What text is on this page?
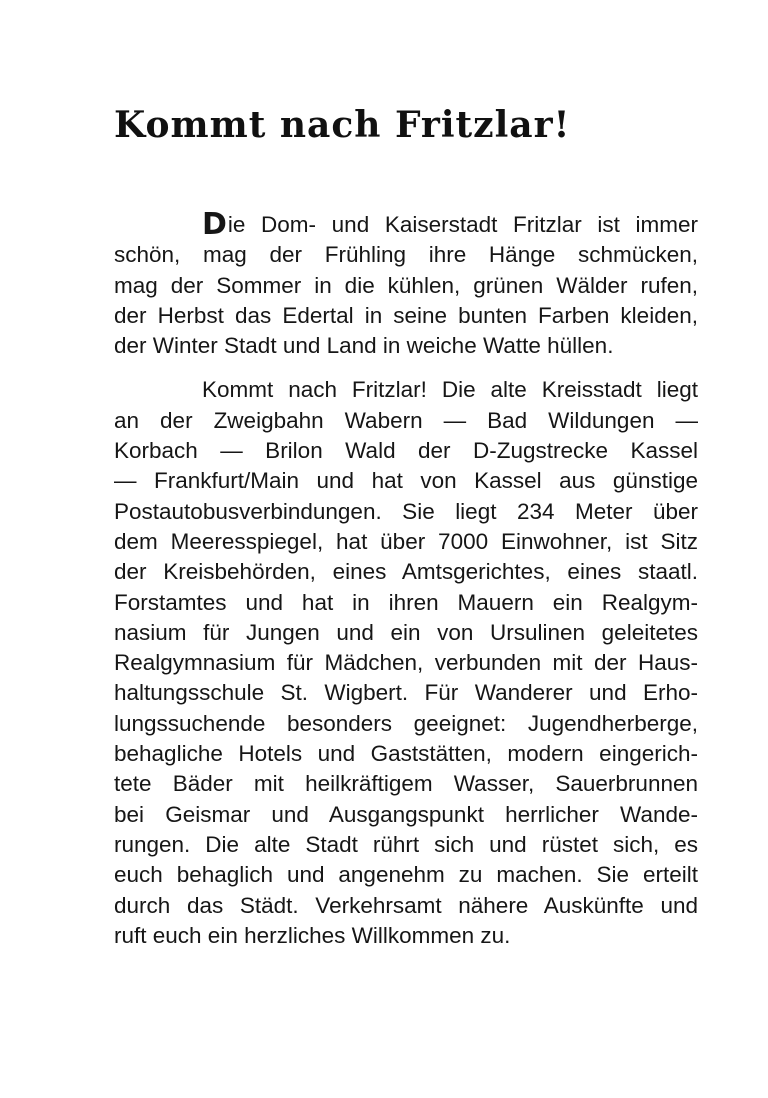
Kommt nach Fritzlar!
Die Dom- und Kaiserstadt Fritzlar ist immer
schön, mag der Frühling ihre Hänge schmücken,
mag der Sommer in die kühlen, grünen Wälder rufen,
der Herbst das Edertal in seine bunten Farben kleiden,
der Winter Stadt und Land in weiche Watte hüllen.
Kommt nach Fritzlar! Die alte Kreisstadt liegt
an der Zweigbahn Wabern — Bad Wildungen —
Korbach — Brilon Wald der D-Zugstrecke Kassel
— Frankfurt/Main und hat von Kassel aus günstige
Postautobusverbindungen. Sie liegt 234 Meter über
dem Meeresspiegel, hat über 7000 Einwohner, ist Sitz
der Kreisbehörden, eines Amtsgerichtes, eines staatl.
Forstamtes und hat in ihren Mauern ein Realgym-
nasium für Jungen und ein von Ursulinen geleitetes
Realgymnasium für Mädchen, verbunden mit der Haus-
haltungsschule St. Wigbert. Für Wanderer und Erho-
lungssuchende besonders geeignet: Jugendherberge,
behagliche Hotels und Gaststätten, modern eingerich-
tete Bäder mit heilkräftigem Wasser, Sauerbrunnen
bei Geismar und Ausgangspunkt herrlicher Wande-
rungen. Die alte Stadt rührt sich und rüstet sich, es
euch behaglich und angenehm zu machen. Sie erteilt
durch das Städt. Verkehrsamt nähere Auskünfte und
ruft euch ein herzliches Willkommen zu.
